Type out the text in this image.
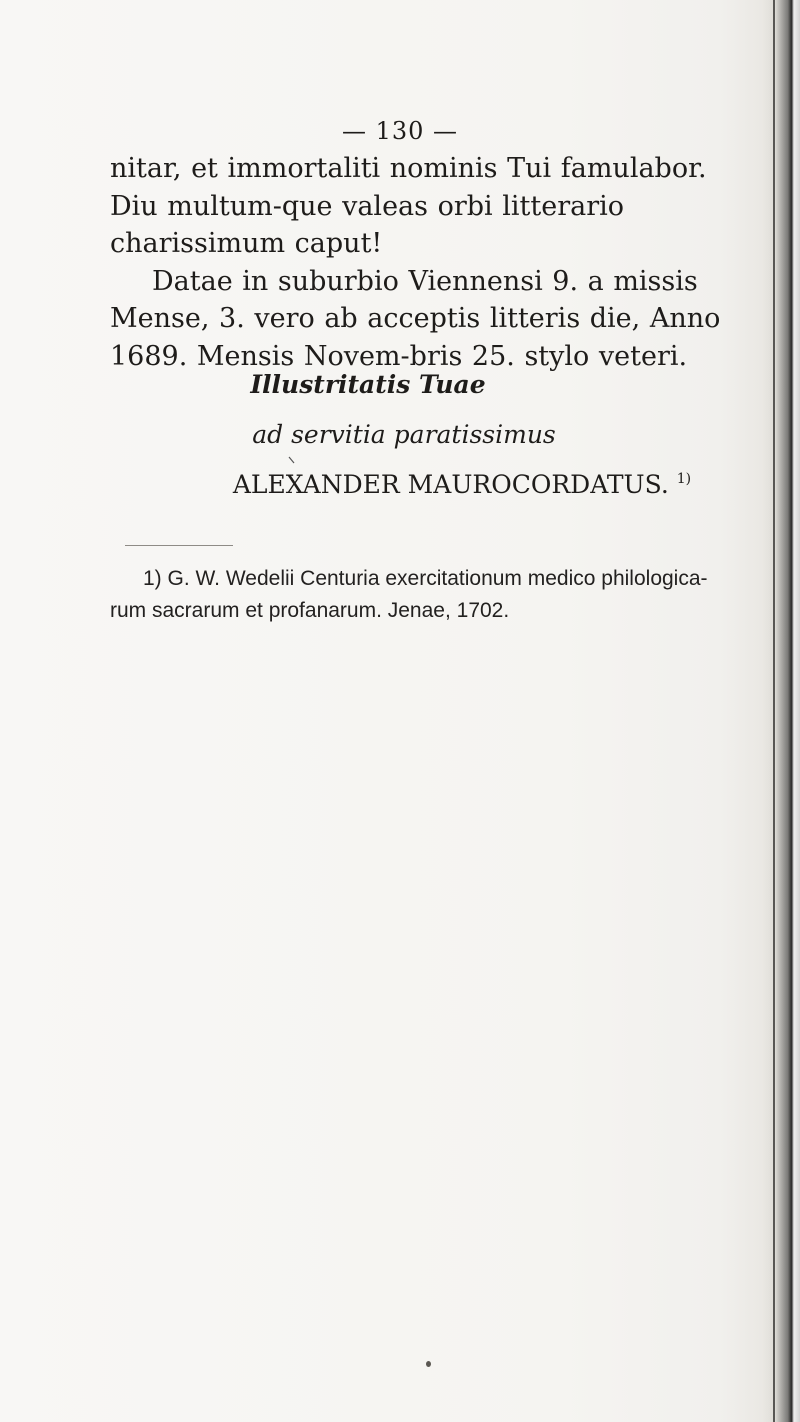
— 130 —

nitar, et immortaliti nominis Tui famulabor. Diu multum-que valeas orbi litterario charissimum caput!

Datae in suburbio Viennensi 9. a missis Mense, 3. vero ab acceptis litteris die, Anno 1689. Mensis Novem-bris 25. stylo veteri.

Illustritatis Tuae
ad servitia paratissimus
ALEXANDER MAUROCORDATUS. $^{1)}$
1) G. W. Wedelii Centuria exercitationum medico philologica-
rum sacrarum et profanarum. Jenae, 1702.
